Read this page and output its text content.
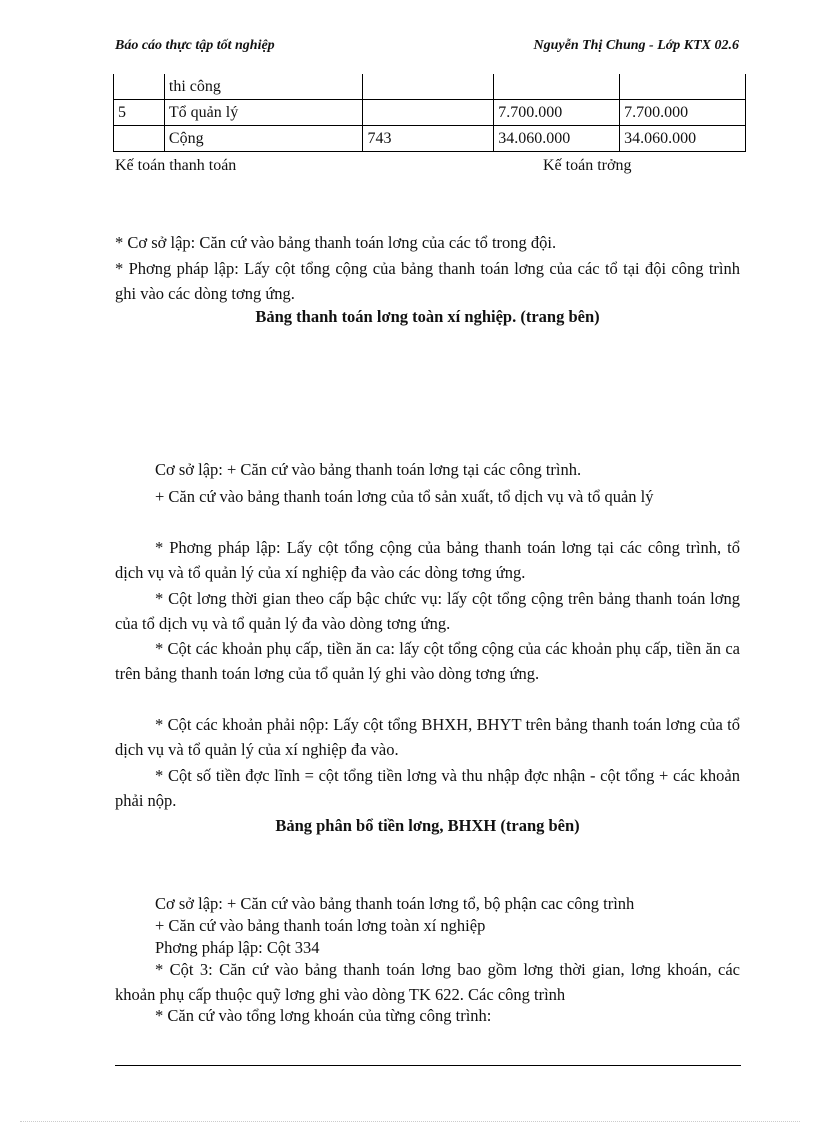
Báo cáo thực tập tốt nghiệp	Nguyễn Thị Chung - Lớp KTX 02.6
	thi công			
5	Tổ quản lý		7.700.000	7.700.000
	Cộng	743	34.060.000	34.060.000
Kế toán thanh toán	Kế toán trởng
* Cơ sở lập: Căn cứ vào bảng thanh toán lơng của các tổ trong đội.
* Phơng pháp lập: Lấy cột tổng cộng của bảng thanh toán lơng của các tổ tại đội công trình ghi vào các dòng tơng ứng.
Bảng thanh toán lơng toàn xí nghiệp. (trang bên)
Cơ sở lập: + Căn cứ vào bảng thanh toán lơng tại các công trình.
+ Căn cứ vào bảng thanh toán lơng của tổ sản xuất, tổ dịch vụ và tổ quản lý
* Phơng pháp lập: Lấy cột tổng cộng của bảng thanh toán lơng tại các công trình, tổ dịch vụ và tổ quản lý của xí nghiệp đa vào các dòng tơng ứng.
* Cột lơng thời gian theo cấp bậc chức vụ: lấy cột tổng cộng trên bảng thanh toán lơng của tổ dịch vụ và tổ quản lý đa vào dòng tơng ứng.
* Cột các khoản phụ cấp, tiền ăn ca: lấy cột tổng cộng của các khoản phụ cấp, tiền ăn ca trên bảng thanh toán lơng của tổ quản lý ghi vào dòng tơng ứng.
* Cột các khoản phải nộp: Lấy cột tổng BHXH, BHYT trên bảng thanh toán lơng của tổ dịch vụ và tổ quản lý của xí nghiệp đa vào.
* Cột số tiền đợc lĩnh = cột tổng tiền lơng và thu nhập đợc nhận - cột tổng + các khoản phải nộp.
Bảng phân bổ tiền lơng, BHXH (trang bên)
Cơ sở lập: + Căn cứ vào bảng thanh toán lơng tổ, bộ phận cac công trình
+ Căn cứ vào bảng thanh toán lơng toàn xí nghiệp
Phơng pháp lập: Cột 334
* Cột 3: Căn cứ vào bảng thanh toán lơng bao gồm lơng thời gian, lơng khoán, các khoản phụ cấp thuộc quỹ lơng ghi vào dòng TK 622. Các công trình
* Căn cứ vào tổng lơng khoán của từng công trình:
